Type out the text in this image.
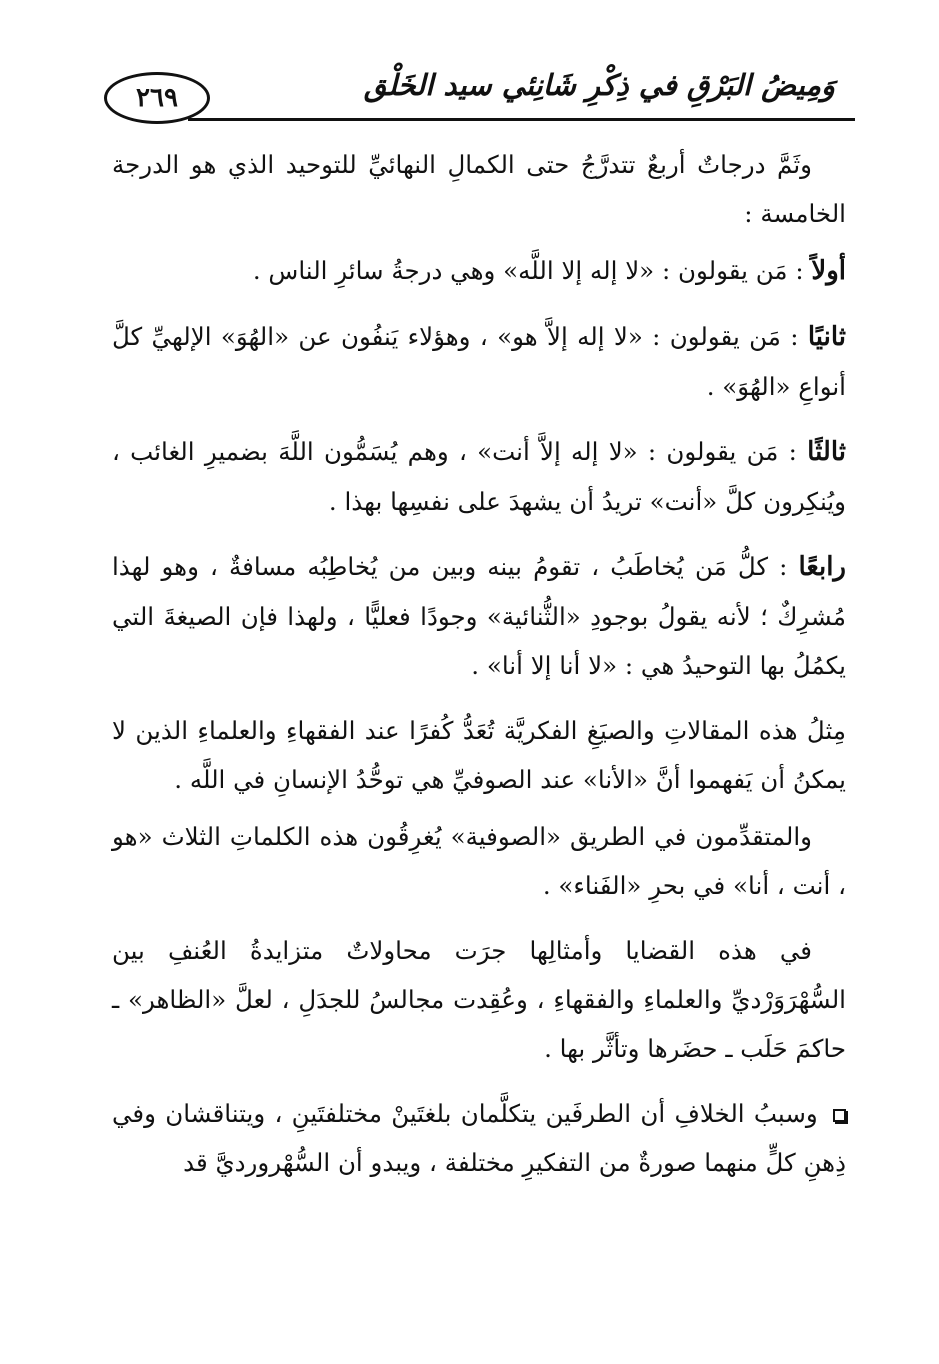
وَمِيضُ البَرْقِ في ذِكْرِ شَانِئي سيد الخَلْق
٢٦٩

وثَمَّ درجاتٌ أربعٌ تتدرَّجُ حتى الكمالِ النهائيِّ للتوحيد الذي هو الدرجة الخامسة :

أولاً : مَن يقولون : «لا إله إلا اللَّه» وهي درجةُ سائرِ الناس .

ثانيًا : مَن يقولون : «لا إله إلاَّ هو» ، وهؤلاء يَنفُون عن «الهُوَ» الإلهيِّ كلَّ أنواعِ «الهُوَ» .

ثالثًا : مَن يقولون : «لا إله إلاَّ أنت» ، وهم يُسَمُّون اللَّهَ بضميرِ الغائب ، ويُنكِرون كلَّ «أنت» تريدُ أن يشهدَ على نفسِها بهذا .

رابعًا : كلُّ مَن يُخاطَبُ ، تقومُ بينه وبين من يُخاطِبُه مسافةٌ ، وهو لهذا مُشرِكٌ ؛ لأنه يقولُ بوجودِ «الثُّنائية» وجودًا فعليًّا ، ولهذا فإن الصيغةَ التي يكمُلُ بها التوحيدُ هي : «لا أنا إلا أنا» .

مِثلُ هذه المقالاتِ والصيَغِ الفكريَّة تُعَدُّ كُفرًا عند الفقهاءِ والعلماءِ الذين لا يمكنُ أن يَفهموا أنَّ «الأنا» عند الصوفيِّ هي توحُّدُ الإنسانِ في اللَّه .

والمتقدِّمون في الطريق «الصوفية» يُغرِقُون هذه الكلماتِ الثلاث «هو ، أنت ، أنا» في بحرِ «الفَناء» .

في هذه القضايا وأمثالِها جرَت محاولاتٌ متزايدةُ العُنفِ بين السُّهْرَوَرْديِّ والعلماءِ والفقهاءِ ، وعُقِدت مجالسُ للجدَلِ ، لعلَّ «الظاهر» ـ حاكمَ حَلَب ـ حضَرها وتأثَّر بها .

وسببُ الخلافِ أن الطرفَين يتكلَّمان بلغتَينْ مختلفتَينِ ، ويتناقشان وفي ذِهنِ كلٍّ منهما صورةٌ من التفكيرِ مختلفة ، ويبدو أن السُّهْرورديَّ قد
